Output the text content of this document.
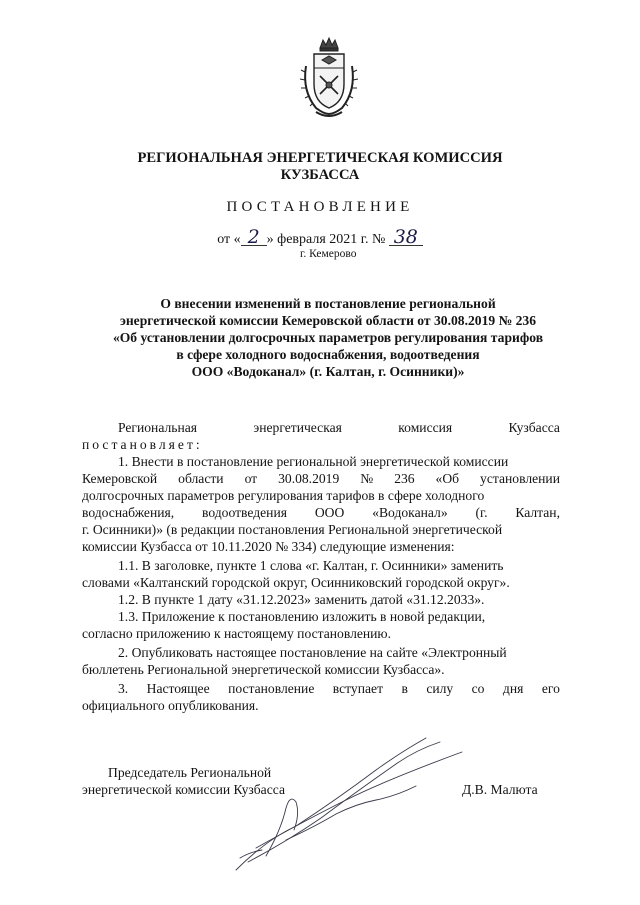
РЕГИОНАЛЬНАЯ ЭНЕРГЕТИЧЕСКАЯ КОМИССИЯ
КУЗБАССА
ПОСТАНОВЛЕНИЕ
от « 2 » февраля 2021 г. № 38
г. Кемерово
О внесении изменений в постановление региональной
энергетической комиссии Кемеровской области от 30.08.2019 № 236
«Об установлении долгосрочных параметров регулирования тарифов
в сфере холодного водоснабжения, водоотведения
ООО «Водоканал» (г. Калтан, г. Осинники)»
Региональная	энергетическая	комиссия	Кузбасса
постановляет:
1. Внести в постановление региональной энергетической комиссии
Кемеровской области от 30.08.2019 № 236 «Об установлении
долгосрочных параметров регулирования тарифов в сфере холодного
водоснабжения, водоотведения ООО «Водоканал» (г. Калтан,
г. Осинники)» (в редакции постановления Региональной энергетической
комиссии Кузбасса от 10.11.2020 № 334) следующие изменения:
1.1. В заголовке, пункте 1 слова «г. Калтан, г. Осинники» заменить
словами «Калтанский городской округ, Осинниковский городской округ».
1.2. В пункте 1 дату «31.12.2023» заменить датой «31.12.2033».
1.3. Приложение к постановлению изложить в новой редакции,
согласно приложению к настоящему постановлению.
2. Опубликовать настоящее постановление на сайте «Электронный
бюллетень Региональной энергетической комиссии Кузбасса».
3. Настоящее постановление вступает в силу со дня его
официального опубликования.
Председатель Региональной
энергетической комиссии Кузбасса	Д.В. Малюта
